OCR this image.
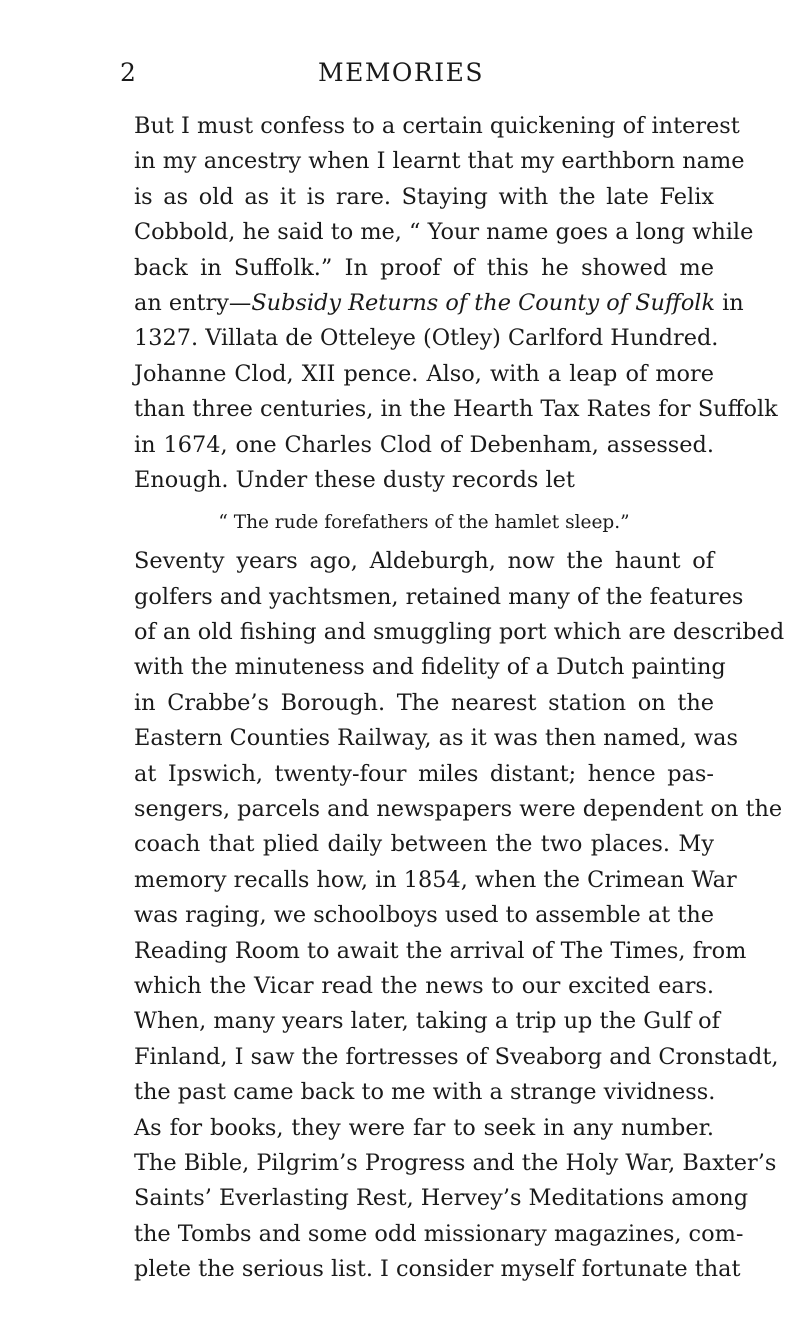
2	MEMORIES
But I must confess to a certain quickening of interest
in my ancestry when I learnt that my earthborn name
is as old as it is rare. Staying with the late Felix
Cobbold, he said to me, “ Your name goes a long while
back in Suffolk.” In proof of this he showed me
an entry—Subsidy Returns of the County of Suffolk in
1327. Villata de Otteleye (Otley) Carlford Hundred.
Johanne Clod, XII pence. Also, with a leap of more
than three centuries, in the Hearth Tax Rates for Suffolk
in 1674, one Charles Clod of Debenham, assessed.
Enough. Under these dusty records let
“ The rude forefathers of the hamlet sleep.”
Seventy years ago, Aldeburgh, now the haunt of
golfers and yachtsmen, retained many of the features
of an old fishing and smuggling port which are described
with the minuteness and fidelity of a Dutch painting
in Crabbe’s Borough. The nearest station on the
Eastern Counties Railway, as it was then named, was
at Ipswich, twenty-four miles distant; hence pas-
sengers, parcels and newspapers were dependent on the
coach that plied daily between the two places. My
memory recalls how, in 1854, when the Crimean War
was raging, we schoolboys used to assemble at the
Reading Room to await the arrival of The Times, from
which the Vicar read the news to our excited ears.
When, many years later, taking a trip up the Gulf of
Finland, I saw the fortresses of Sveaborg and Cronstadt,
the past came back to me with a strange vividness.
As for books, they were far to seek in any number.
The Bible, Pilgrim’s Progress and the Holy War, Baxter’s
Saints’ Everlasting Rest, Hervey’s Meditations among
the Tombs and some odd missionary magazines, com-
plete the serious list. I consider myself fortunate that
